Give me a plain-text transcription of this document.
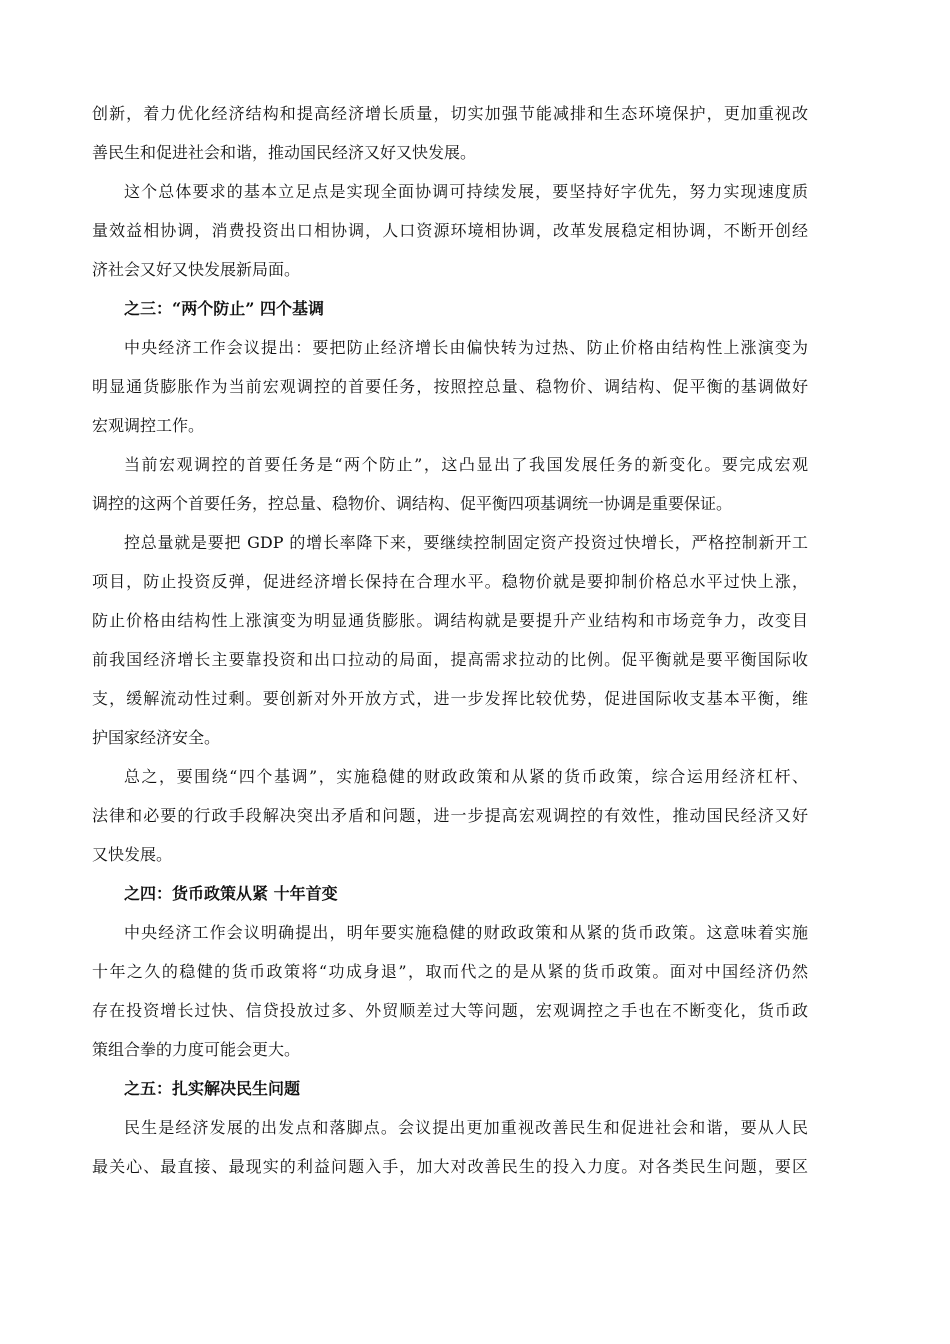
创新，着力优化经济结构和提高经济增长质量，切实加强节能减排和生态环境保护，更加重视改
善民生和促进社会和谐，推动国民经济又好又快发展。
这个总体要求的基本立足点是实现全面协调可持续发展，要坚持好字优先，努力实现速度质
量效益相协调，消费投资出口相协调，人口资源环境相协调，改革发展稳定相协调，不断开创经
济社会又好又快发展新局面。
之三：“两个防止” 四个基调
中央经济工作会议提出：要把防止经济增长由偏快转为过热、防止价格由结构性上涨演变为
明显通货膨胀作为当前宏观调控的首要任务，按照控总量、稳物价、调结构、促平衡的基调做好
宏观调控工作。
当前宏观调控的首要任务是“两个防止”，这凸显出了我国发展任务的新变化。要完成宏观
调控的这两个首要任务，控总量、稳物价、调结构、促平衡四项基调统一协调是重要保证。
控总量就是要把 GDP 的增长率降下来，要继续控制固定资产投资过快增长，严格控制新开工
项目，防止投资反弹，促进经济增长保持在合理水平。稳物价就是要抑制价格总水平过快上涨，
防止价格由结构性上涨演变为明显通货膨胀。调结构就是要提升产业结构和市场竞争力，改变目
前我国经济增长主要靠投资和出口拉动的局面，提高需求拉动的比例。促平衡就是要平衡国际收
支，缓解流动性过剩。要创新对外开放方式，进一步发挥比较优势，促进国际收支基本平衡，维
护国家经济安全。
总之，要围绕“四个基调”，实施稳健的财政政策和从紧的货币政策，综合运用经济杠杆、
法律和必要的行政手段解决突出矛盾和问题，进一步提高宏观调控的有效性，推动国民经济又好
又快发展。
之四：货币政策从紧 十年首变
中央经济工作会议明确提出，明年要实施稳健的财政政策和从紧的货币政策。这意味着实施
十年之久的稳健的货币政策将“功成身退”，取而代之的是从紧的货币政策。面对中国经济仍然
存在投资增长过快、信贷投放过多、外贸顺差过大等问题，宏观调控之手也在不断变化，货币政
策组合拳的力度可能会更大。
之五：扎实解决民生问题
民生是经济发展的出发点和落脚点。会议提出更加重视改善民生和促进社会和谐，要从人民
最关心、最直接、最现实的利益问题入手，加大对改善民生的投入力度。对各类民生问题，要区
